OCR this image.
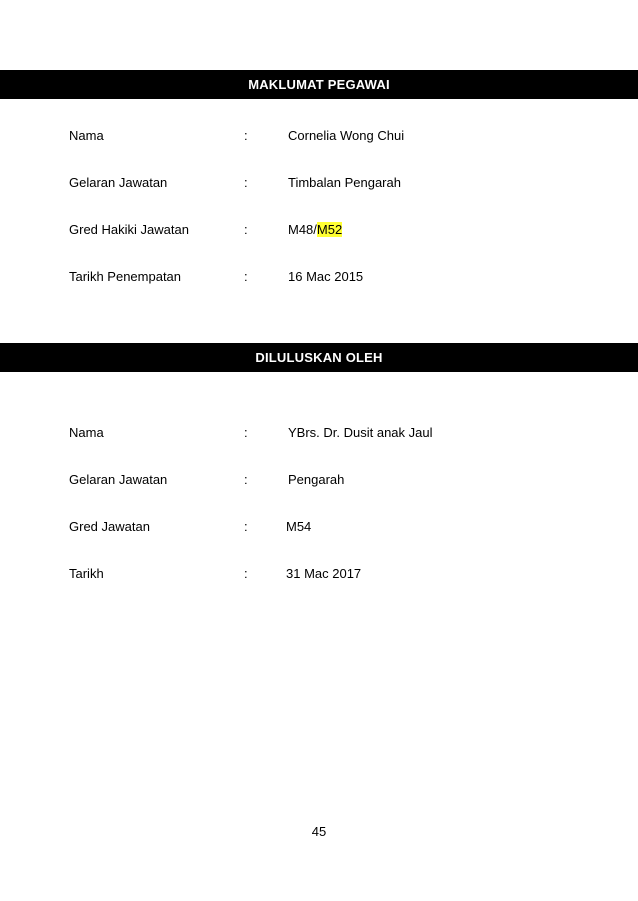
MAKLUMAT PEGAWAI
Nama	:	Cornelia Wong Chui
Gelaran Jawatan	:	Timbalan Pengarah
Gred Hakiki Jawatan	:	M48/M52
Tarikh Penempatan	:	16 Mac 2015
DILULUSKAN OLEH
Nama	:	YBrs. Dr. Dusit anak Jaul
Gelaran Jawatan	:	Pengarah
Gred Jawatan	:	M54
Tarikh	:	31 Mac 2017
45
